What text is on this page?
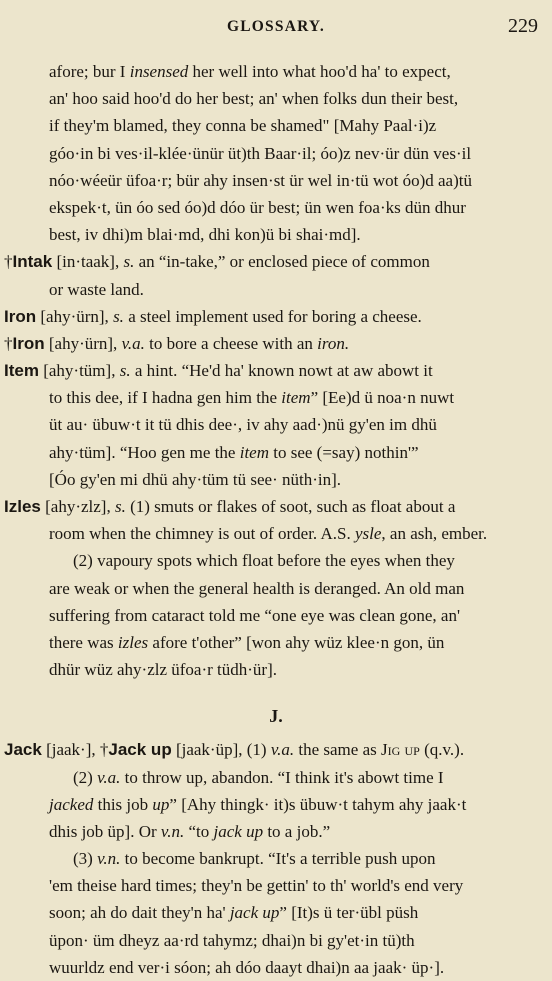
GLOSSARY.	229
afore; bur I insensed her well into what hoo'd ha' to expect,
an' hoo said hoo'd do her best; an' when folks dun their best,
if they'm blamed, they conna be shamed" [Mahy Paal·i)z
góo·in bi ves·il-klée·ünür üt)th Baar·il; óo)z nev·ür dün ves·il
nóo·wéeür üfoa·r; bür ahy insen·st ür wel in·tü wot óo)d aa)tü
ekspek·t, ün óo sed óo)d dóo ür best; ün wen foa·ks dün dhur
best, iv dhi)m blai·md, dhi kon)ü bi shai·md].
†Intak [in·taak], s. an “in-take,” or enclosed piece of common
or waste land.
Iron [ahy·ürn], s. a steel implement used for boring a cheese.
†Iron [ahy·ürn], v.a. to bore a cheese with an iron.
Item [ahy·tüm], s. a hint. “He'd ha' known nowt at aw abowt it
to this dee, if I hadna gen him the item” [Ee)d ü noa·n nuwt
üt au· übuw·t it tü dhis dee·, iv ahy aad·)nü gy'en im dhü
ahy·tüm]. “Hoo gen me the item to see (=say) nothin'”
[Óo gy'en mi dhü ahy·tüm tü see· nüth·in].
Izles [ahy·zlz], s. (1) smuts or flakes of soot, such as float about a
room when the chimney is out of order. A.S. ysle, an ash, ember.
(2) vapoury spots which float before the eyes when they
are weak or when the general health is deranged. An old man
suffering from cataract told me “one eye was clean gone, an'
there was izles afore t'other” [won ahy wüz klee·n gon, ün
dhür wüz ahy·zlz üfoa·r tüdh·ür].
J.
Jack [jaak·], †Jack up [jaak·üp], (1) v.a. the same as Jig up (q.v.).
(2) v.a. to throw up, abandon. “I think it's abowt time I
jacked this job up” [Ahy thingk· it)s übuw·t tahym ahy jaak·t
dhis job üp]. Or v.n. “to jack up to a job.”
(3) v.n. to become bankrupt. “It's a terrible push upon
'em theise hard times; they'n be gettin' to th' world's end very
soon; ah do dait they'n ha' jack up” [It)s ü ter·übl püsh
üpon· üm dheyz aa·rd tahymz; dhai)n bi gy'et·in tü)th
wuurldz end ver·i sóon; ah dóo daayt dhai)n aa jaak· üp·].
